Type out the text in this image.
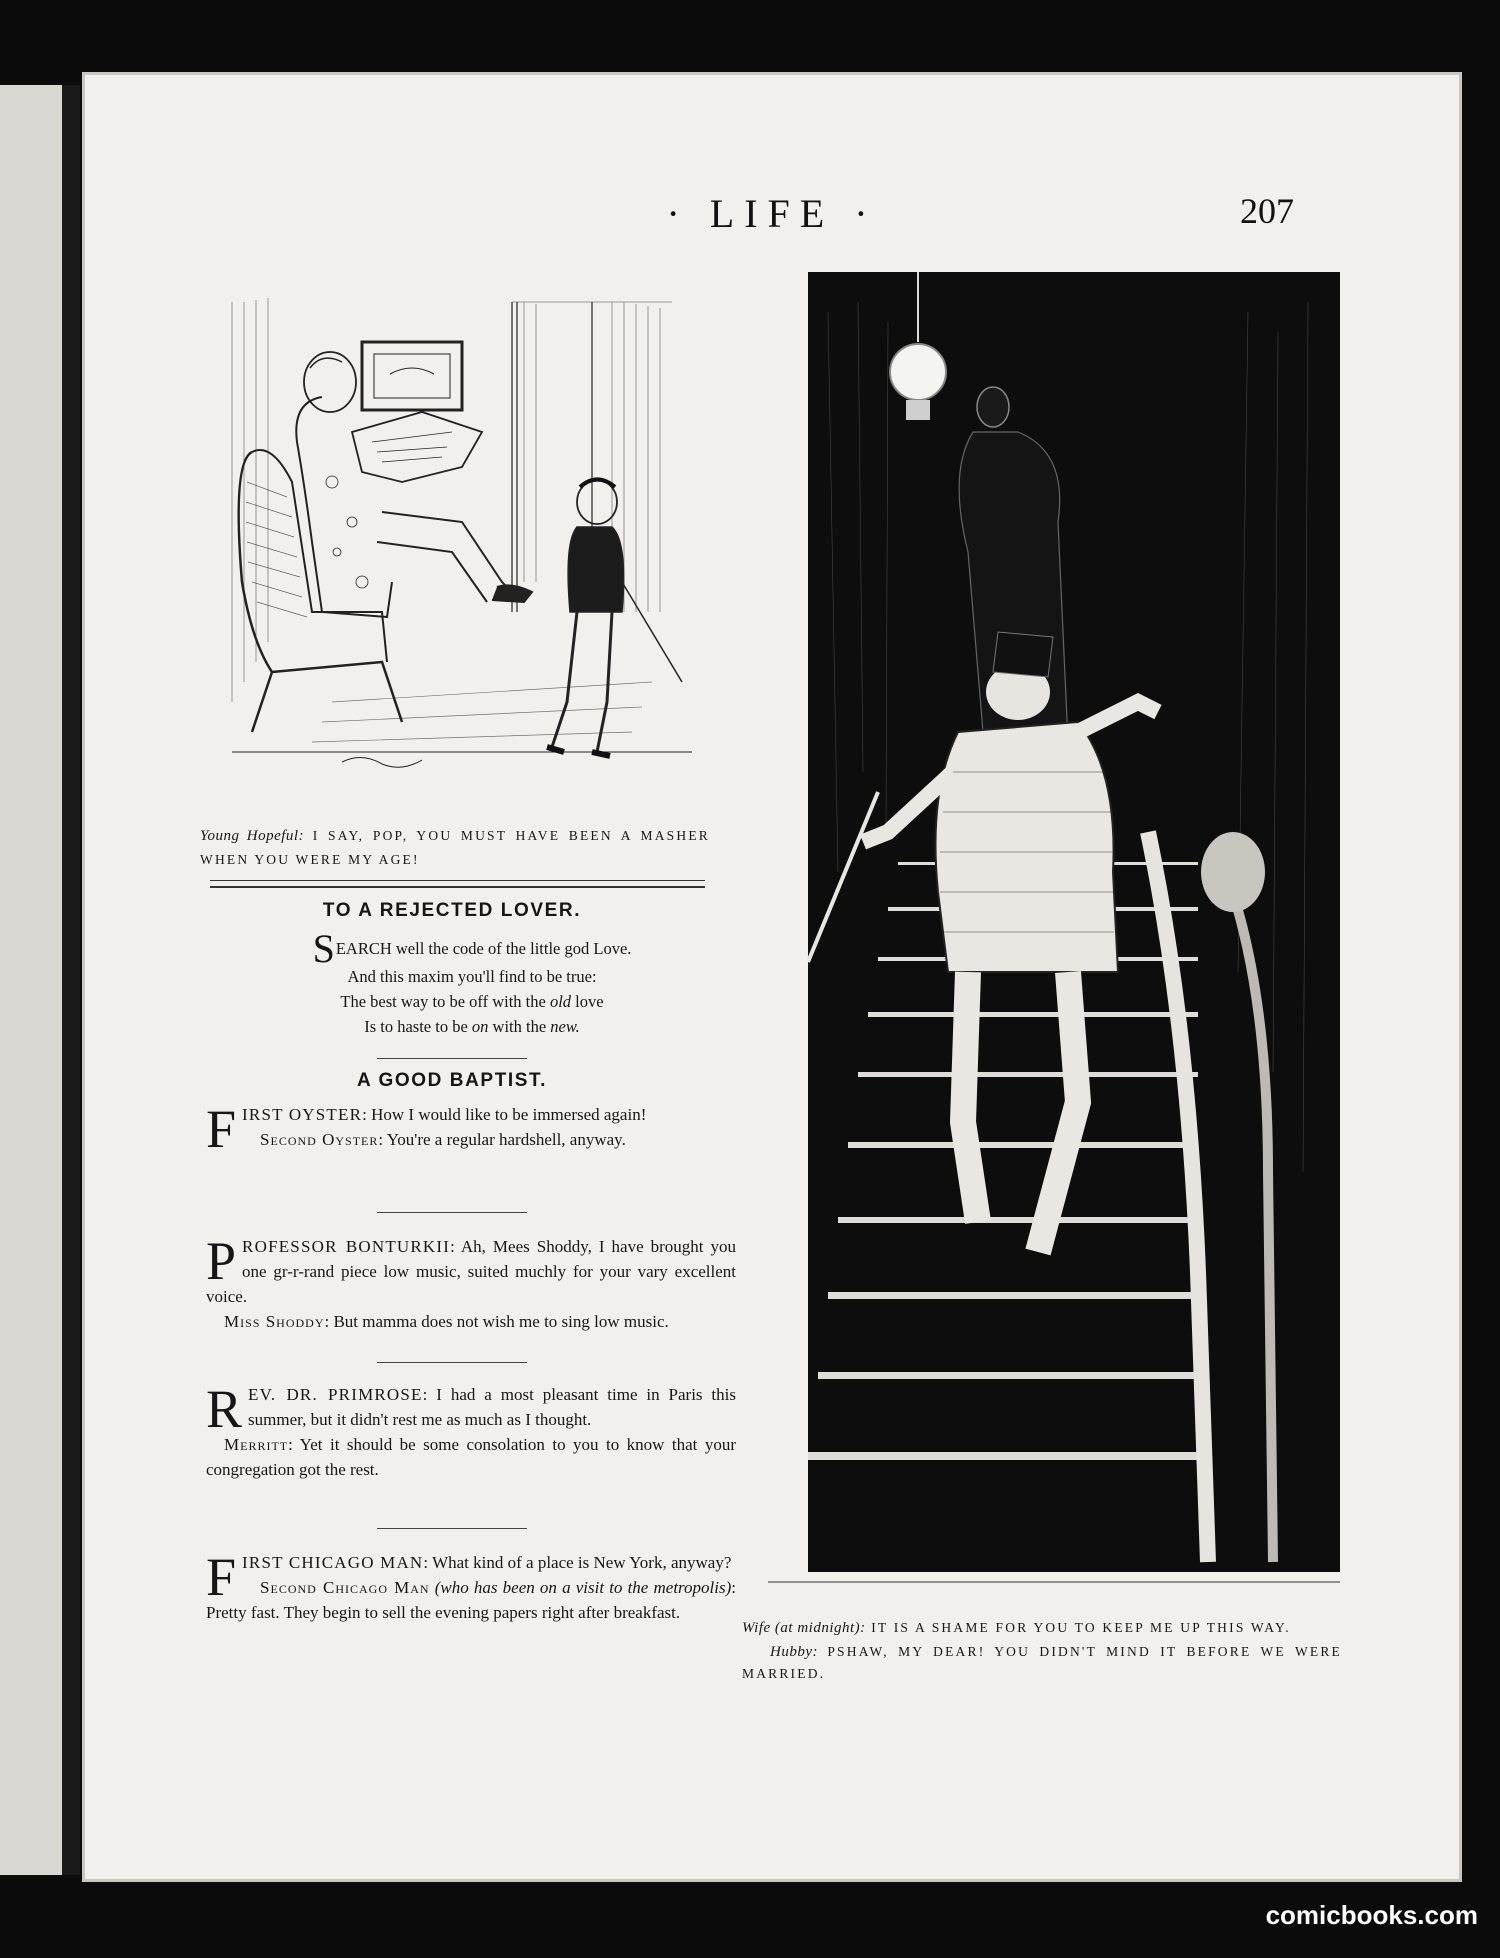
· LIFE ·	207
Young Hopeful: I SAY, POP, YOU MUST HAVE BEEN A MASHER WHEN YOU WERE MY AGE!
TO A REJECTED LOVER.
SEARCH well the code of the little god Love.
And this maxim you'll find to be true:
The best way to be off with the old love
Is to haste to be on with the new.
A GOOD BAPTIST.

FIRST OYSTER: How I would like to be immersed again!

Second Oyster: You're a regular hardshell, anyway.

PROFESSOR BONTURKII: Ah, Mees Shoddy, I have brought you one gr-r-rand piece low music, suited muchly for your vary excellent voice.

Miss Shoddy: But mamma does not wish me to sing low music.

REV. DR. PRIMROSE: I had a most pleasant time in Paris this summer, but it didn't rest me as much as I thought.

Merritt: Yet it should be some consolation to you to know that your congregation got the rest.

FIRST CHICAGO MAN: What kind of a place is New York, anyway?

Second Chicago Man (who has been on a visit to the metropolis): Pretty fast. They begin to sell the evening papers right after breakfast.

Wife (at midnight): IT IS A SHAME FOR YOU TO KEEP ME UP THIS WAY.

Hubby: PSHAW, MY DEAR! YOU DIDN'T MIND IT BEFORE WE WERE MARRIED.

comicbooks.com
